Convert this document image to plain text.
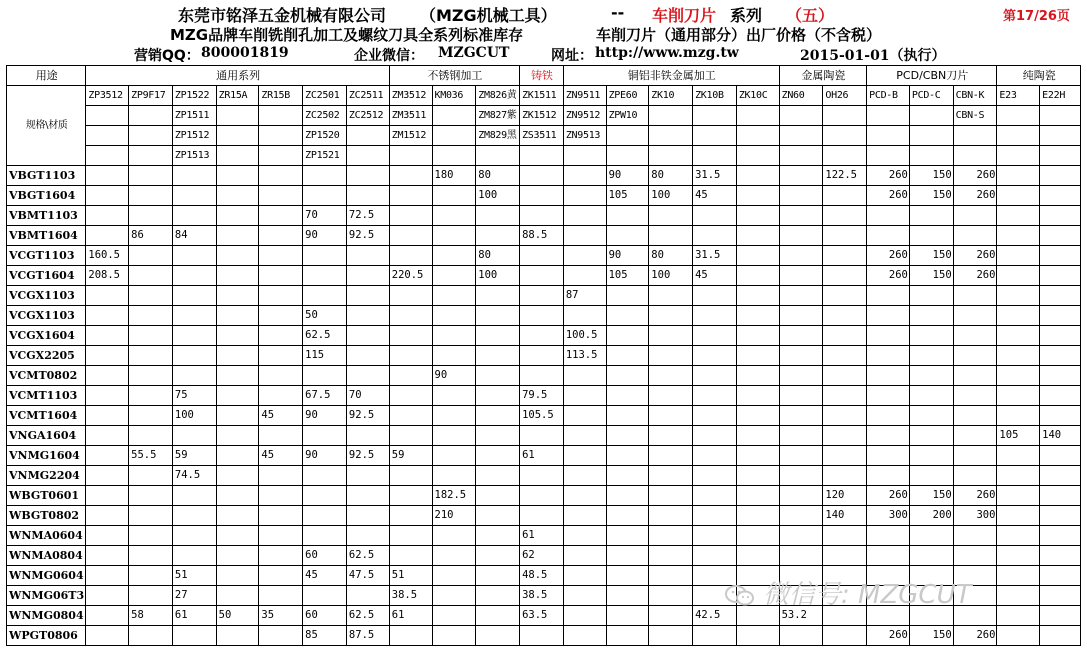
东莞市铭泽五金机械有限公司 （MZG机械工具）	-- 车削刀片 系列 （五）	第17/26页
MZG品牌车削铣削孔加工及螺纹刀具全系列标准库存	车削刀片（通用部分）出厂价格（不含税）
营销QQ： 800001819	企业微信： MZGCUT	网址： http://www.mzg.tw	2015-01-01（执行）
用途	通用系列							不锈钢加工			铸铁	铜铝非铁金属加工					金属陶瓷		PCD/CBN刀片			纯陶瓷	
规格\材质	ZP3512	ZP9F17	ZP1522	ZR15A	ZR15B	ZC2501	ZC2511	ZM3512	KM036	ZM826黄	ZK1511	ZN9511	ZPE60	ZK10	ZK10B	ZK10C	ZN60	OH26	PCD-B	PCD-C	CBN-K	E23	E22H
			ZP1511			ZC2502	ZC2512	ZM3511		ZM827紫	ZK1512	ZN9512	ZPW10								CBN-S		
			ZP1512			ZP1520		ZM1512		ZM829黑	ZS3511	ZN9513											
			ZP1513			ZP1521																	
VBGT1103									180	80			90	80	31.5			122.5	260	150	260		
VBGT1604										100			105	100	45				260	150	260		
VBMT1103						70	72.5																
VBMT1604		86	84			90	92.5				88.5												
VCGT1103	160.5									80			90	80	31.5				260	150	260		
VCGT1604	208.5							220.5		100			105	100	45				260	150	260		
VCGX1103												87											
VCGX1103						50																	
VCGX1604						62.5						100.5											
VCGX2205						115						113.5											
VCMT0802									90														
VCMT1103			75			67.5	70				79.5												
VCMT1604			100		45	90	92.5				105.5												
VNGA1604																						105	140
VNMG1604		55.5	59		45	90	92.5	59			61												
VNMG2204			74.5																				
WBGT0601									182.5									120	260	150	260		
WBGT0802									210									140	300	200	300		
WNMA0604											61												
WNMA0804						60	62.5				62												
WNMG0604			51			45	47.5	51			48.5												
WNMG06T3			27					38.5			38.5												
WNMG0804		58	61	50	35	60	62.5	61			63.5				42.5		53.2						
WPGT0806						85	87.5												260	150	260		
微信号: MZGCUT
